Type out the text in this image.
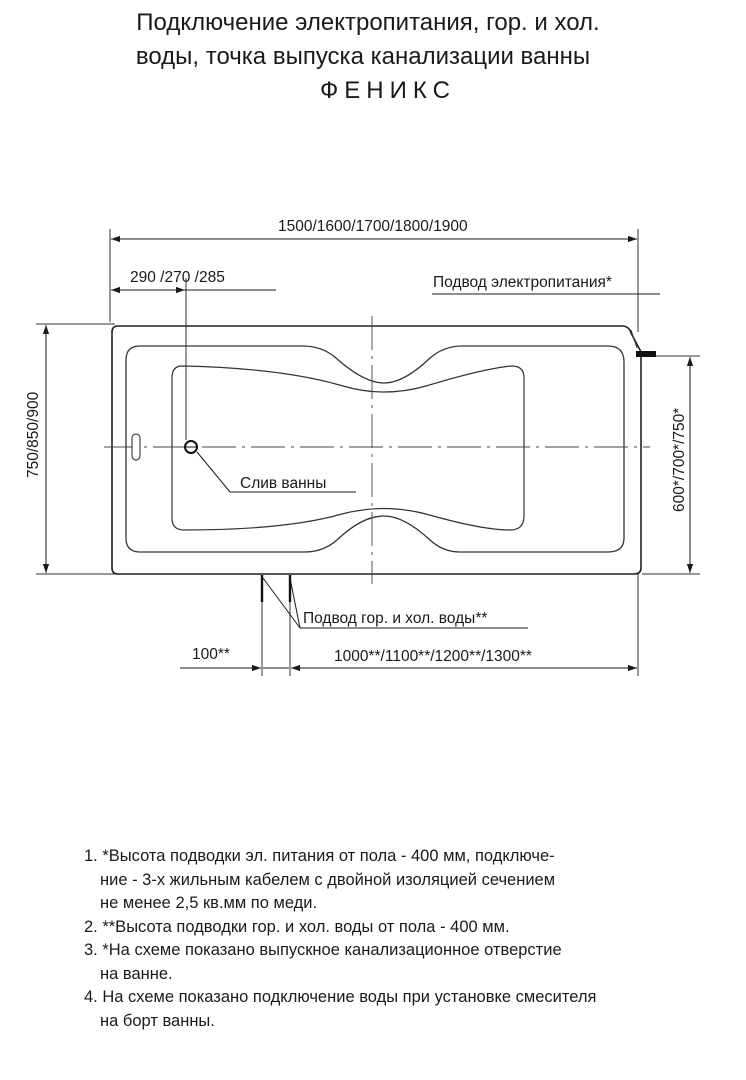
Подключение электропитания, гор. и хол.
воды, точка выпуска канализации ванны
ФЕНИКС
1500/1600/1700/1800/1900
290 /270 /285	Подвод электропитания*
750/850/900	600*/700*/750*
Слив ванны
Подвод гор. и хол. воды**
100**	1000**/1100**/1200**/1300**
1. *Высота подводки эл. питания от пола - 400 мм, подключе-
ние - 3-х жильным кабелем с двойной изоляцией сечением
не менее 2,5 кв.мм по меди.
2. **Высота подводки гор. и хол. воды от пола - 400 мм.
3. *На схеме показано выпускное канализационное отверстие
на ванне.
4. На схеме показано подключение воды при установке смесителя
на борт ванны.
